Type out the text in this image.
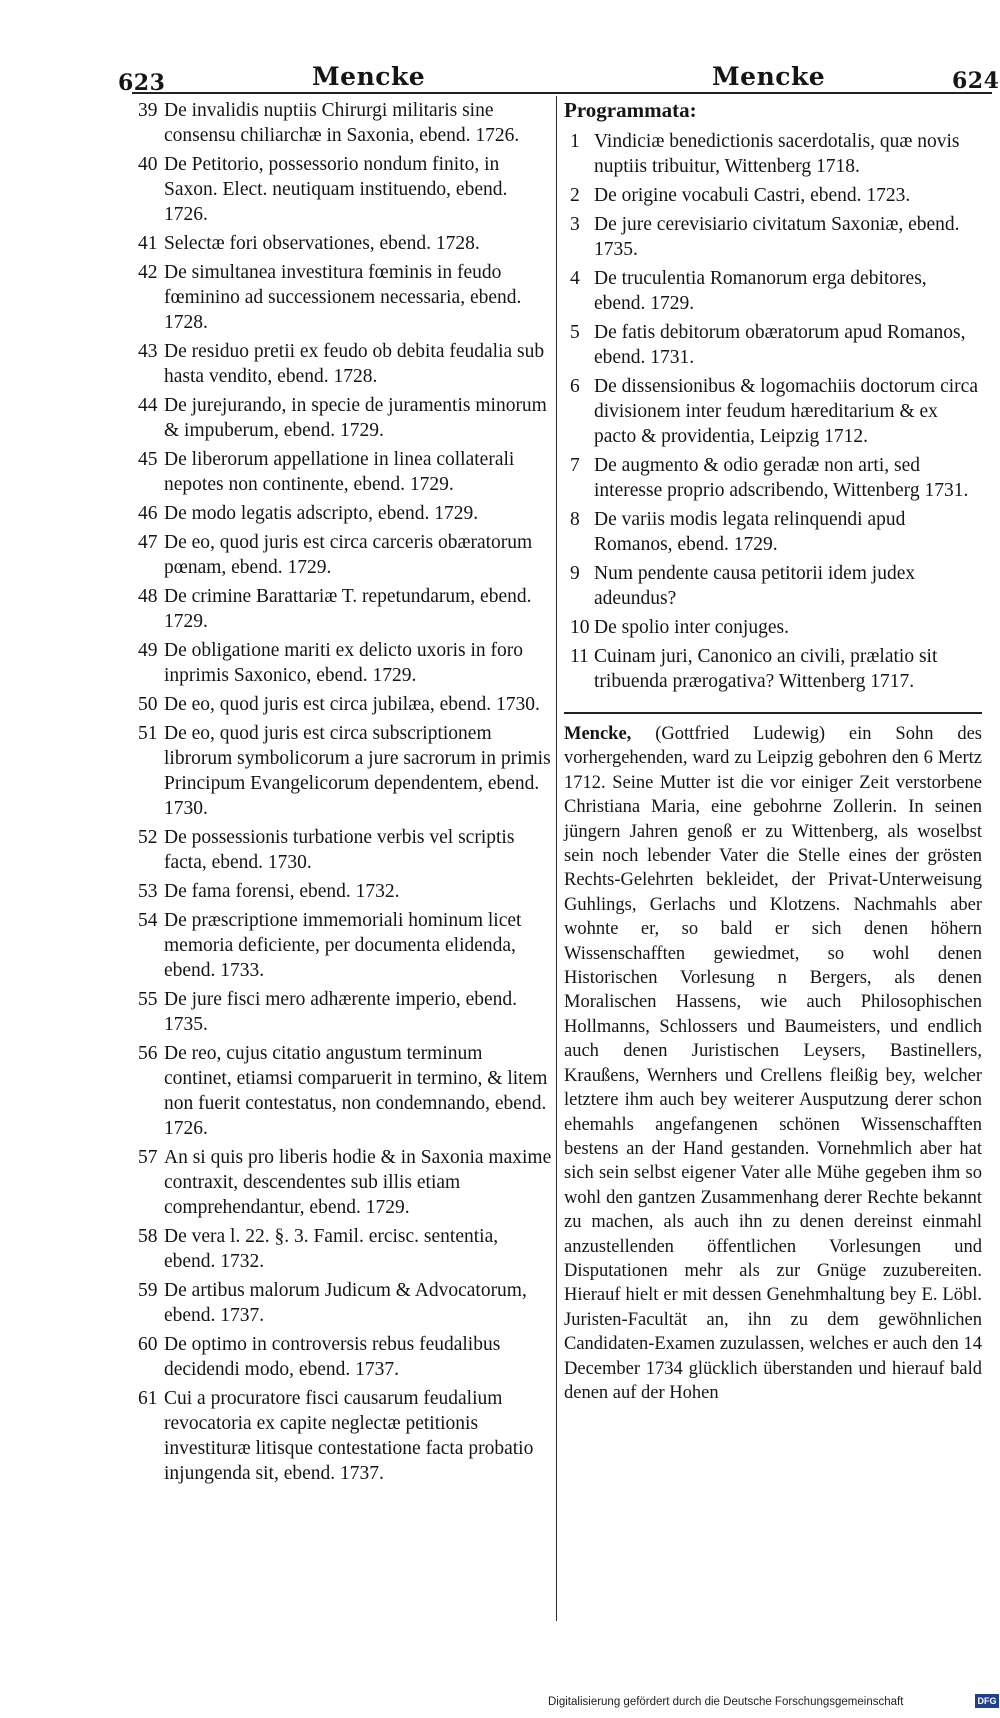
623	Mencke	Mencke	624
39 De invalidis nuptiis Chirurgi militaris sine consensu chiliarchæ in Saxonia, ebend. 1726.
40 De Petitorio, possessorio nondum finito, in Saxon. Elect. neutiquam instituendo, ebend. 1726.
41 Selectæ fori observationes, ebend. 1728.
42 De simultanea investitura fœminis in feudo fœminino ad successionem necessaria, ebend. 1728.
43 De residuo pretii ex feudo ob debita feudalia sub hasta vendito, ebend. 1728.
44 De jurejurando, in specie de juramentis minorum & impuberum, ebend. 1729.
45 De liberorum appellatione in linea collaterali nepotes non continente, ebend. 1729.
46 De modo legatis adscripto, ebend. 1729.
47 De eo, quod juris est circa carceris obæratorum pœnam, ebend. 1729.
48 De crimine Barattariæ T. repetundarum, ebend. 1729.
49 De obligatione mariti ex delicto uxoris in foro inprimis Saxonico, ebend. 1729.
50 De eo, quod juris est circa jubilæa, ebend. 1730.
51 De eo, quod juris est circa subscriptionem librorum symbolicorum a jure sacrorum in primis Principum Evangelicorum dependentem, ebend. 1730.
52 De possessionis turbatione verbis vel scriptis facta, ebend. 1730.
53 De fama forensi, ebend. 1732.
54 De præscriptione immemoriali hominum licet memoria deficiente, per documenta elidenda, ebend. 1733.
55 De jure fisci mero adhærente imperio, ebend. 1735.
56 De reo, cujus citatio angustum terminum continet, etiamsi comparuerit in termino, & litem non fuerit contestatus, non condemnando, ebend. 1726.
57 An si quis pro liberis hodie & in Saxonia maxime contraxit, descendentes sub illis etiam comprehendantur, ebend. 1729.
58 De vera l. 22. §. 3. Famil. ercisc. sententia, ebend. 1732.
59 De artibus malorum Judicum & Advocatorum, ebend. 1737.
60 De optimo in controversis rebus feudalibus decidendi modo, ebend. 1737.
61 Cui a procuratore fisci causarum feudalium revocatoria ex capite neglectæ petitionis investituræ litisque contestatione facta probatio injungenda sit, ebend. 1737.
Programmata:
1 Vindiciæ benedictionis sacerdotalis, quæ novis nuptiis tribuitur, Wittenberg 1718.
2 De origine vocabuli Castri, ebend. 1723.
3 De jure cerevisiario civitatum Saxoniæ, ebend. 1735.
4 De truculentia Romanorum erga debitores, ebend. 1729.
5 De fatis debitorum obæratorum apud Romanos, ebend. 1731.
6 De dissensionibus & logomachiis doctorum circa divisionem inter feudum hæreditarium & ex pacto & providentia, Leipzig 1712.
7 De augmento & odio geradæ non arti, sed interesse proprio adscribendo, Wittenberg 1731.
8 De variis modis legata relinquendi apud Romanos, ebend. 1729.
9 Num pendente causa petitorii idem judex adeundus?
10 De spolio inter conjuges.
11 Cuinam juri, Canonico an civili, prælatio sit tribuenda prærogativa? Wittenberg 1717.
Mencke, (Gottfried Ludewig) ein Sohn des vorhergehenden, ward zu Leipzig gebohren den 6 Mertz 1712. Seine Mutter ist die vor einiger Zeit verstorbene Christiana Maria, eine gebohrne Zollerin. In seinen jüngern Jahren genoß er zu Wittenberg, als woselbst sein noch lebender Vater die Stelle eines der grösten Rechts-Gelehrten bekleidet, der Privat-Unterweisung Guhlings, Gerlachs und Klotzens. Nachmahls aber wohnte er, so bald er sich denen höhern Wissenschafften gewiedmet, so wohl denen Historischen Vorlesung n Bergers, als denen Moralischen Hassens, wie auch Philosophischen Hollmanns, Schlossers und Baumeisters, und endlich auch denen Juristischen Leysers, Bastinellers, Kraußens, Wernhers und Crellens fleißig bey, welcher letztere ihm auch bey weiterer Ausputzung derer schon ehemahls angefangenen schönen Wissenschafften bestens an der Hand gestanden. Vornehmlich aber hat sich sein selbst eigener Vater alle Mühe gegeben ihm so wohl den gantzen Zusammenhang derer Rechte bekannt zu machen, als auch ihn zu denen dereinst einmahl anzustellenden öffentlichen Vorlesungen und Disputationen mehr als zur Gnüge zuzubereiten. Hierauf hielt er mit dessen Genehmhaltung bey E. Löbl. Juristen-Facultät an, ihn zu dem gewöhnlichen Candidaten-Examen zuzulassen, welches er auch den 14 December 1734 glücklich überstanden und hierauf bald denen auf der Hohen
Digitalisierung gefördert durch die Deutsche Forschungsgemeinschaft	DFG
